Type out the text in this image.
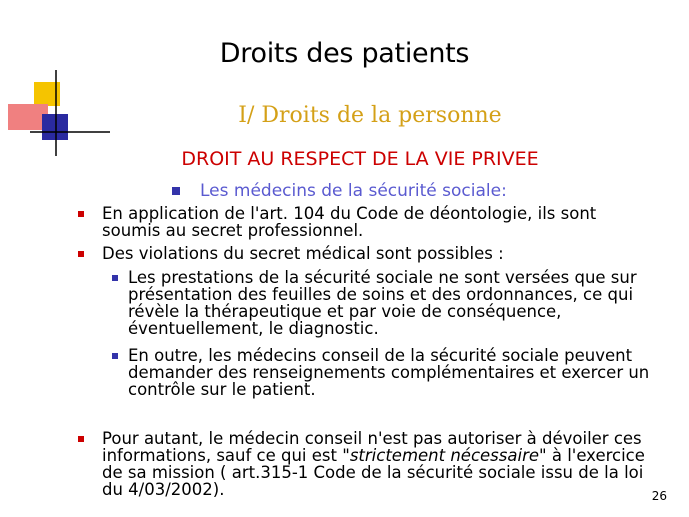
Droits des patients
I/ Droits de la personne
DROIT AU RESPECT DE LA VIE PRIVEE
Les médecins de la sécurité sociale:
En application de l'art. 104 du Code de déontologie, ils sont
soumis au secret professionnel.
Des violations du secret médical sont possibles :
Les prestations de la sécurité sociale ne sont versées que sur
présentation des feuilles de soins et des ordonnances, ce qui
révèle la thérapeutique et par voie de conséquence,
éventuellement, le diagnostic.
En outre, les médecins conseil de la sécurité sociale peuvent
demander des renseignements complémentaires et exercer un
contrôle sur le patient.
Pour autant, le médecin conseil n'est pas autoriser à dévoiler ces
informations, sauf ce qui est "strictement nécessaire" à l'exercice
de sa mission ( art.315-1 Code de la sécurité sociale issu de la loi
du 4/03/2002).	26
